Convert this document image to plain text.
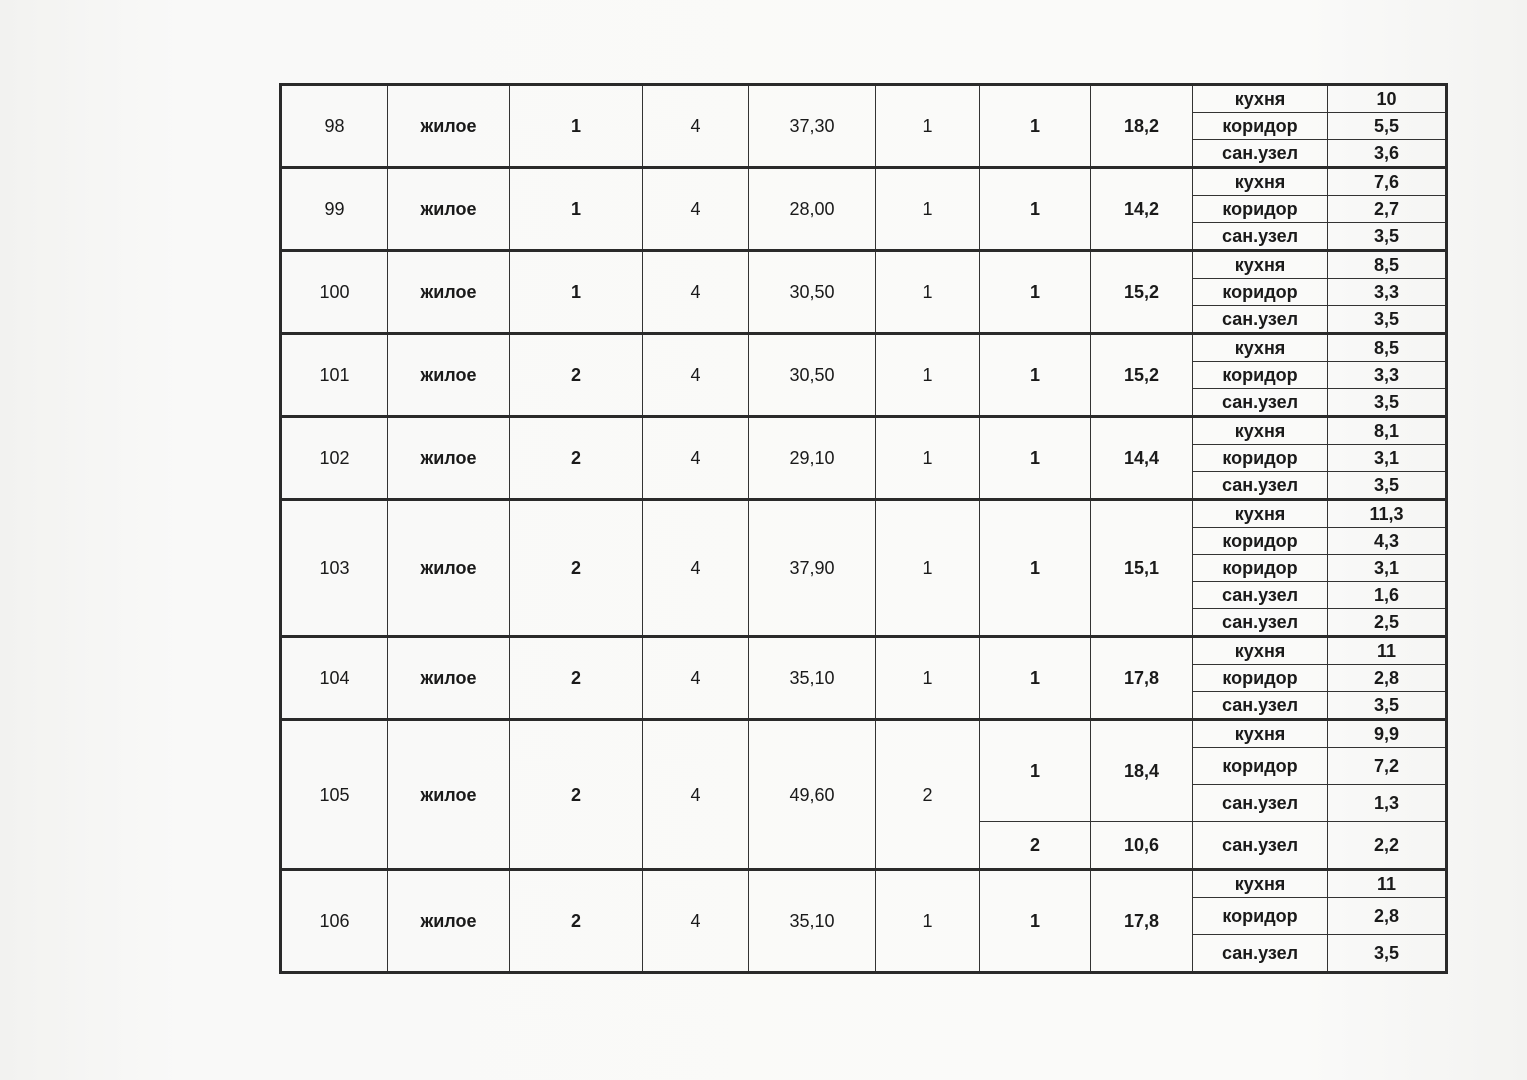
98	жилое	1	4	37,30	1	1	18,2	кухня	10
								коридор	5,5
								сан.узел	3,6
99	жилое	1	4	28,00	1	1	14,2	кухня	7,6
								коридор	2,7
								сан.узел	3,5
100	жилое	1	4	30,50	1	1	15,2	кухня	8,5
								коридор	3,3
								сан.узел	3,5
101	жилое	2	4	30,50	1	1	15,2	кухня	8,5
								коридор	3,3
								сан.узел	3,5
102	жилое	2	4	29,10	1	1	14,4	кухня	8,1
								коридор	3,1
								сан.узел	3,5
103	жилое	2	4	37,90	1	1	15,1	кухня	11,3
								коридор	4,3
								коридор	3,1
								сан.узел	1,6
								сан.узел	2,5
104	жилое	2	4	35,10	1	1	17,8	кухня	11
								коридор	2,8
								сан.узел	3,5
105	жилое	2	4	49,60	2	1	18,4	кухня	9,9
								коридор	7,2
								сан.узел	1,3
						2	10,6	сан.узел	2,2
106	жилое	2	4	35,10	1	1	17,8	кухня	11
								коридор	2,8
								сан.узел	3,5
